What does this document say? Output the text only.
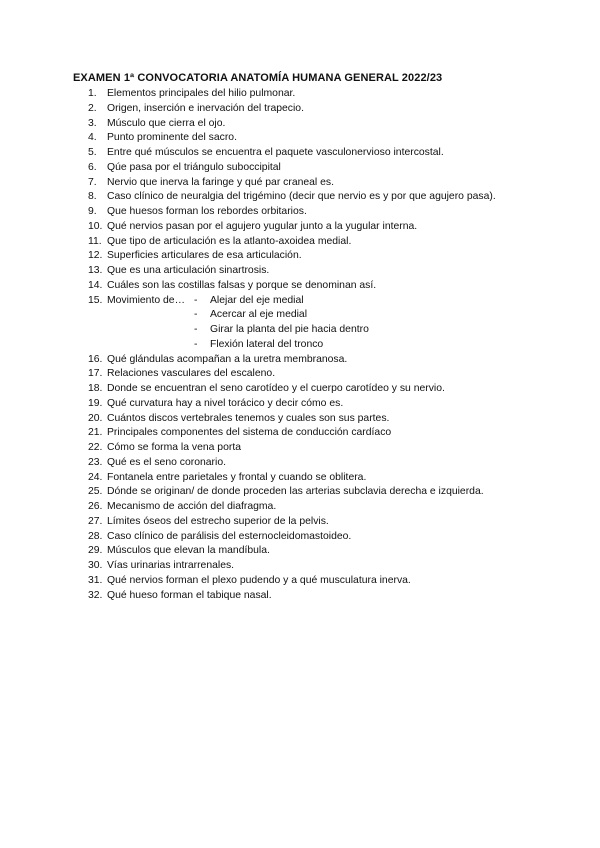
EXAMEN 1ª CONVOCATORIA ANATOMÍA HUMANA GENERAL 2022/23
1. Elementos principales del hilio pulmonar.
2. Origen, inserción e inervación del trapecio.
3. Músculo que cierra el ojo.
4. Punto prominente del sacro.
5. Entre qué músculos se encuentra el paquete vasculonervioso intercostal.
6. Qúe pasa por el triángulo suboccipital
7. Nervio que inerva la faringe y qué par craneal es.
8. Caso clínico de neuralgia del trigémino (decir que nervio es y por que agujero pasa).
9. Que huesos forman los rebordes orbitarios.
10. Qué nervios pasan por el agujero yugular junto a la yugular interna.
11. Que tipo de articulación es la atlanto-axoidea medial.
12. Superficies articulares de esa articulación.
13. Que es una articulación sinartrosis.
14. Cuáles son las costillas falsas y porque se denominan así.
15. Movimiento de… - Alejar del eje medial
- Acercar al eje medial
- Girar la planta del pie hacia dentro
- Flexión lateral del tronco
16. Qué glándulas acompañan a la uretra membranosa.
17. Relaciones vasculares del escaleno.
18. Donde se encuentran el seno carotídeo y el cuerpo carotídeo y su nervio.
19. Qué curvatura hay a nivel torácico y decir cómo es.
20. Cuántos discos vertebrales tenemos y cuales son sus partes.
21. Principales componentes del sistema de conducción cardíaco
22. Cómo se forma la vena porta
23. Qué es el seno coronario.
24. Fontanela entre parietales y frontal y cuando se oblitera.
25. Dónde se originan/ de donde proceden las arterias subclavia derecha e izquierda.
26. Mecanismo de acción del diafragma.
27. Límites óseos del estrecho superior de la pelvis.
28. Caso clínico de parálisis del esternocleidomastoideo.
29. Músculos que elevan la mandíbula.
30. Vías urinarias intrarrenales.
31. Qué nervios forman el plexo pudendo y a qué musculatura inerva.
32. Qué hueso forman el tabique nasal.
